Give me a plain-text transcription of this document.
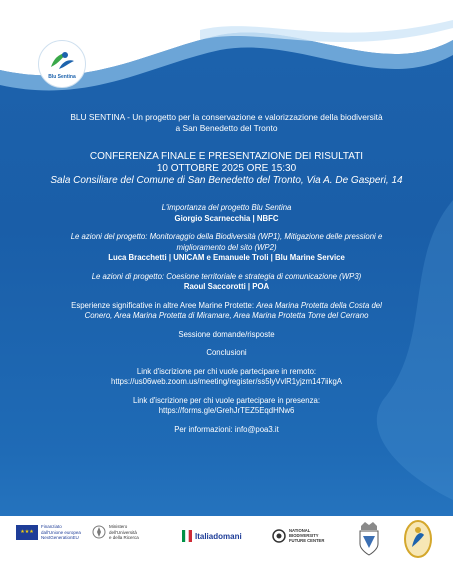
Blu Sentina
BLU SENTINA - Un progetto per la conservazione e valorizzazione della biodiversità
a San Benedetto del Tronto
CONFERENZA FINALE E PRESENTAZIONE DEI RISULTATI
10 OTTOBRE 2025 ORE 15:30
Sala Consiliare del Comune di San Benedetto del Tronto, Via A. De Gasperi, 14
L'importanza del progetto Blu Sentina
Giorgio Scarnecchia | NBFC
Le azioni del progetto: Monitoraggio della Biodiversità (WP1), Mitigazione delle pressioni e
miglioramento del sito (WP2)
Luca Bracchetti | UNICAM e Emanuele Troli | Blu Marine Service
Le azioni di progetto: Coesione territoriale e strategia di comunicazione (WP3)
Raoul Saccorotti | POA
Esperienze significative in altre Aree Marine Protette: Area Marina Protetta della Costa del
Conero, Area Marina Protetta di Miramare, Area Marina Protetta Torre del Cerrano
Sessione domande/risposte
Conclusioni
Link d'iscrizione per chi vuole partecipare in remoto:
https://us06web.zoom.us/meeting/register/ss5lyVvlR1yjzm147iikgA
Link d'iscrizione per chi vuole partecipare in presenza:
https://forms.gle/GrehJrTEZ5EqdHNw6
Per informazioni: info@poa3.it
★★★
Finanziato
dall'Unione europea
NextGenerationEU
Ministero
dell'Università
e della Ricerca	Italiadomani
NATIONAL
BIODIVERSITY
FUTURE CENTER
